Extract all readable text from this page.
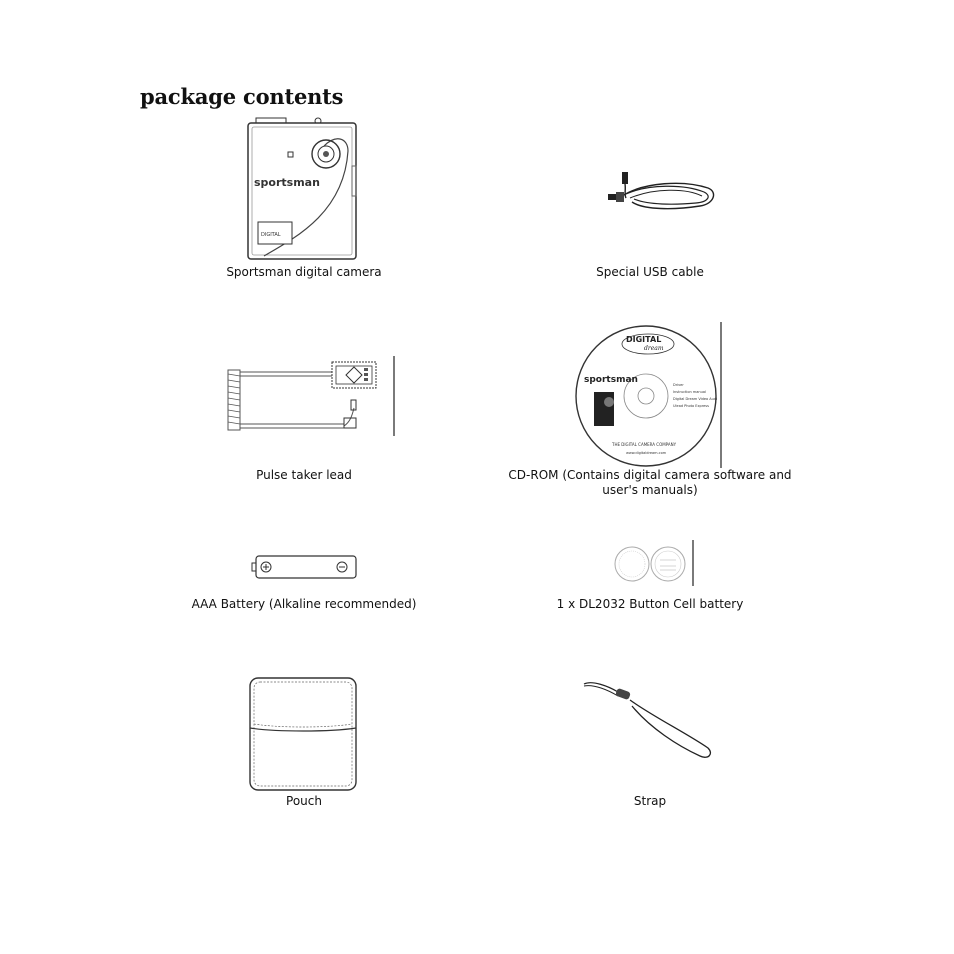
package contents
sportsman
DIGITAL
Sportsman digital camera	Special USB cable
Pulse taker lead
DIGITAL
dream
sportsman	Driver
Instruction manual
Digital Dream Video Audi
Ulead Photo Express
THE DIGITAL CAMERA COMPANY
www.digitaldream.com
CD-ROM (Contains digital camera software and user's manuals)
AAA Battery (Alkaline recommended)	1 x DL2032 Button Cell battery
Pouch	Strap
